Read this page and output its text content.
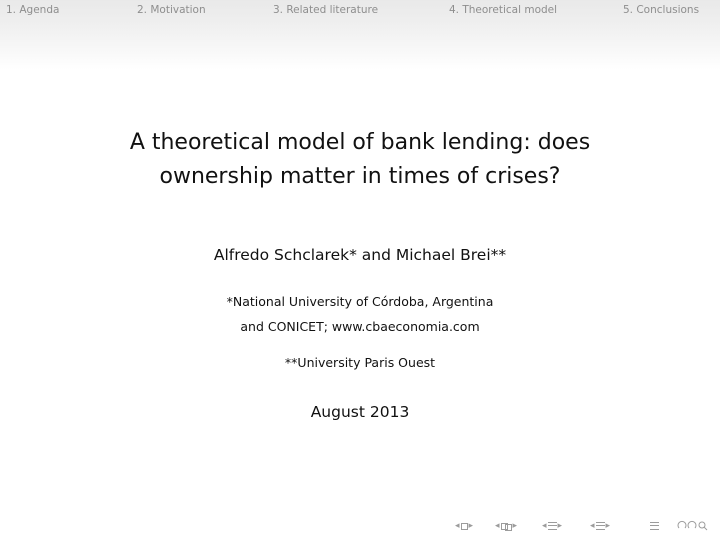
1. Agenda	2. Motivation	3. Related literature	4. Theoretical model	5. Conclusions
A theoretical model of bank lending: does
ownership matter in times of crises?
Alfredo Schclarek* and Michael Brei**
*National University of Córdoba, Argentina
and CONICET; www.cbaeconomia.com
**University Paris Ouest
August 2013
◂ ▸ ◂ ▸	◂ ▸	◂ ▸
